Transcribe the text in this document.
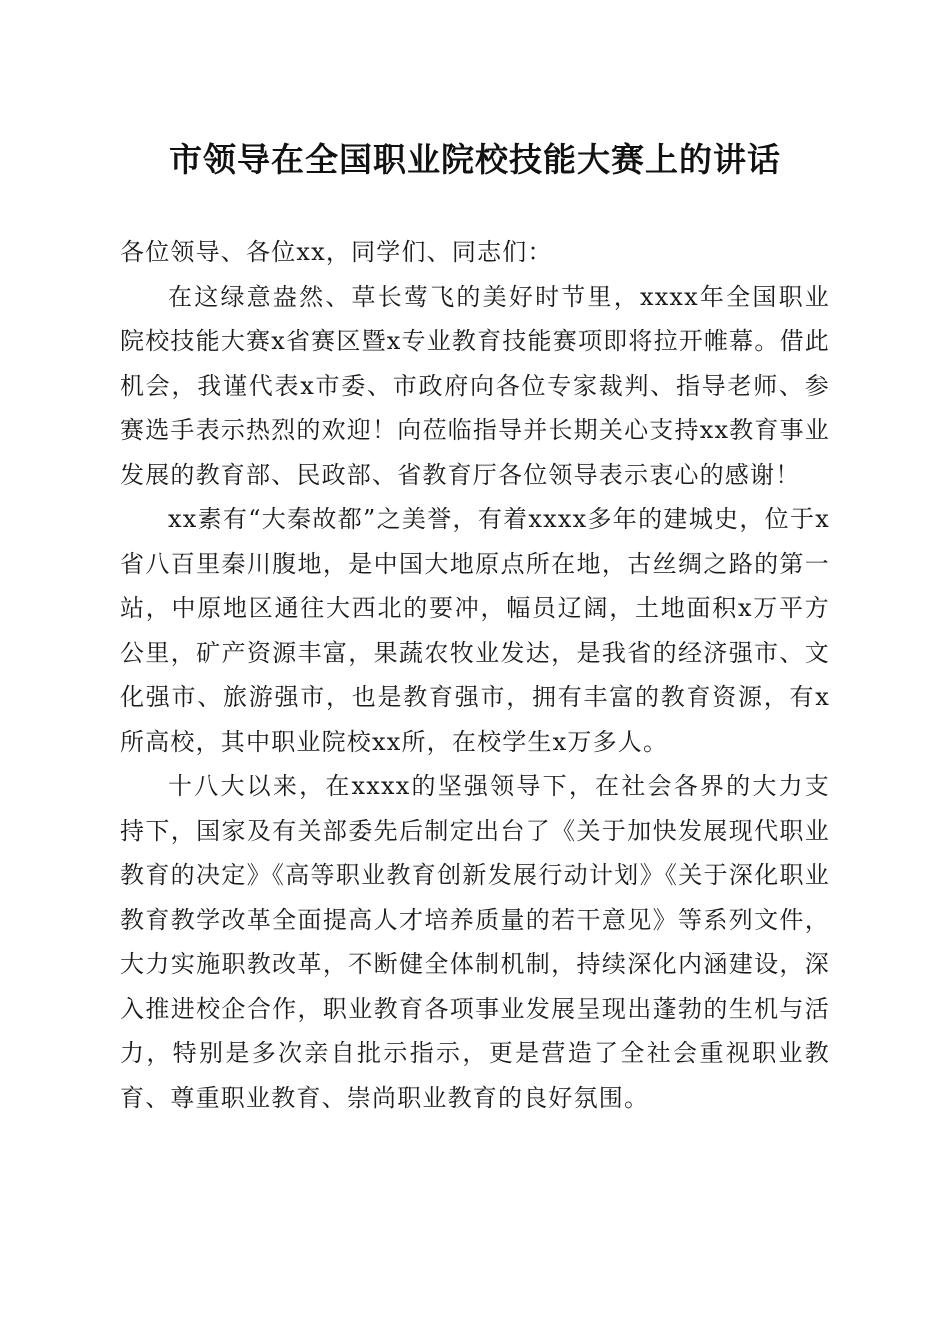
市领导在全国职业院校技能大赛上的讲话

各位领导、各位xx，同学们、同志们：

在这绿意盎然、草长莺飞的美好时节里，xxxx年全国职业院校技能大赛x省赛区暨x专业教育技能赛项即将拉开帷幕。借此机会，我谨代表x市委、市政府向各位专家裁判、指导老师、参赛选手表示热烈的欢迎！向莅临指导并长期关心支持xx教育事业发展的教育部、民政部、省教育厅各位领导表示衷心的感谢！

xx素有“大秦故都”之美誉，有着xxxx多年的建城史，位于x省八百里秦川腹地，是中国大地原点所在地，古丝绸之路的第一站，中原地区通往大西北的要冲，幅员辽阔，土地面积x万平方公里，矿产资源丰富，果蔬农牧业发达，是我省的经济强市、文化强市、旅游强市，也是教育强市，拥有丰富的教育资源，有x所高校，其中职业院校xx所，在校学生x万多人。

十八大以来，在xxxx的坚强领导下，在社会各界的大力支持下，国家及有关部委先后制定出台了《关于加快发展现代职业教育的决定》《高等职业教育创新发展行动计划》《关于深化职业教育教学改革全面提高人才培养质量的若干意见》等系列文件，大力实施职教改革，不断健全体制机制，持续深化内涵建设，深入推进校企合作，职业教育各项事业发展呈现出蓬勃的生机与活力，特别是多次亲自批示指示，更是营造了全社会重视职业教育、尊重职业教育、崇尚职业教育的良好氛围。
